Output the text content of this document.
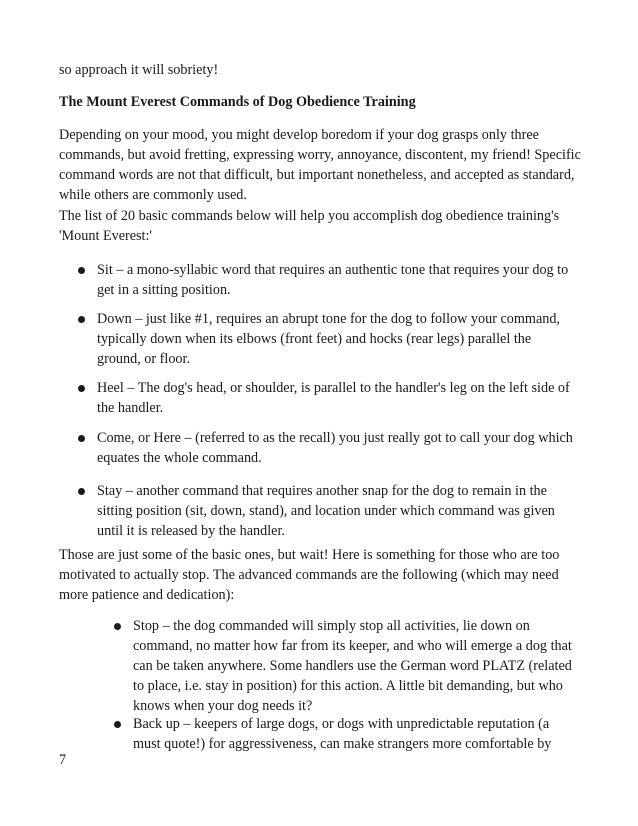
so approach it will sobriety!

The Mount Everest Commands of Dog Obedience Training

Depending on your mood, you might develop boredom if your dog grasps only three commands, but avoid fretting, expressing worry, annoyance, discontent, my friend! Specific command words are not that difficult, but important nonetheless, and accepted as standard, while others are commonly used.

The list of 20 basic commands below will help you accomplish dog obedience training's 'Mount Everest:'

Sit – a mono-syllabic word that requires an authentic tone that requires your dog to get in a sitting position.

Down – just like #1, requires an abrupt tone for the dog to follow your command, typically down when its elbows (front feet) and hocks (rear legs) parallel the ground, or floor.

Heel – The dog's head, or shoulder, is parallel to the handler's leg on the left side of the handler.

Come, or Here – (referred to as the recall) you just really got to call your dog which equates the whole command.

Stay – another command that requires another snap for the dog to remain in the sitting position (sit, down, stand), and location under which command was given until it is released by the handler.

Those are just some of the basic ones, but wait! Here is something for those who are too motivated to actually stop. The advanced commands are the following (which may need more patience and dedication):

Stop – the dog commanded will simply stop all activities, lie down on command, no matter how far from its keeper, and who will emerge a dog that can be taken anywhere. Some handlers use the German word PLATZ (related to place, i.e. stay in position) for this action. A little bit demanding, but who knows when your dog needs it?

Back up – keepers of large dogs, or dogs with unpredictable reputation (a must quote!) for aggressiveness, can make strangers more comfortable by

7
